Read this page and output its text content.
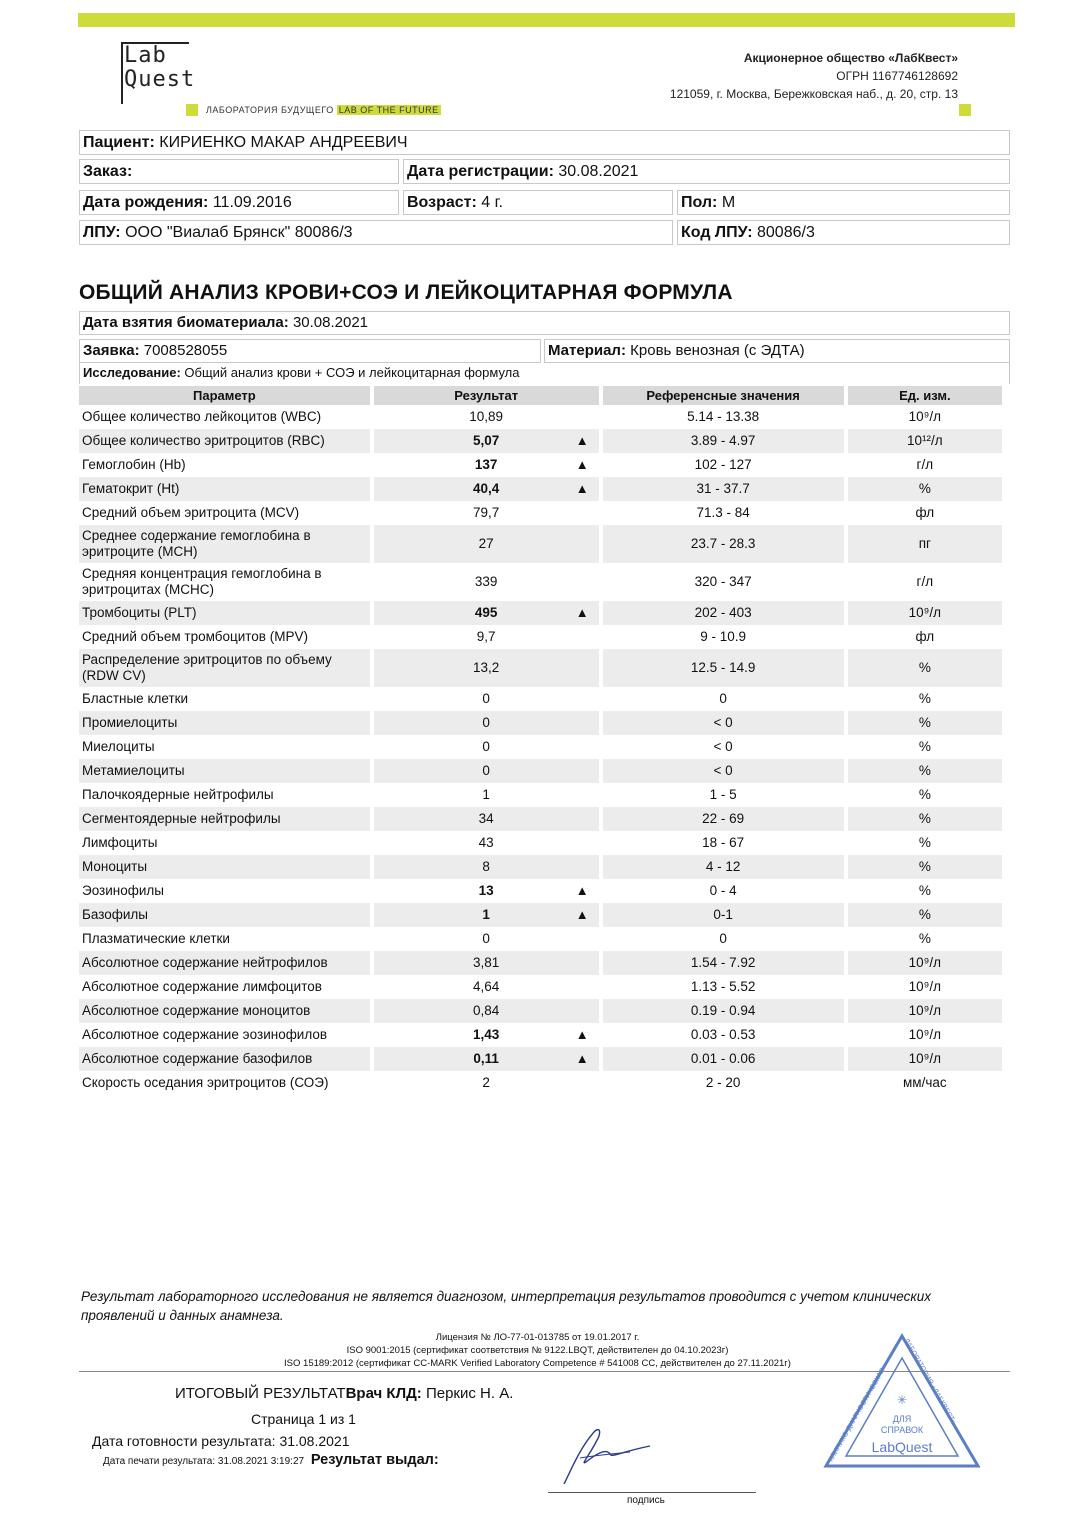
Lab
Quest
ЛАБОРАТОРИЯ БУДУЩЕГО LAB OF THE FUTURE
Акционерное общество «ЛабКвест»
ОГРН 1167746128692
121059, г. Москва, Бережковская наб., д. 20, стр. 13
Пациент: КИРИЕНКО МАКАР АНДРЕЕВИЧ
Заказ:	Дата регистрации: 30.08.2021
Дата рождения: 11.09.2016	Возраст: 4 г.	Пол: М
ЛПУ: ООО "Виалаб Брянск" 80086/3	Код ЛПУ: 80086/3
ОБЩИЙ АНАЛИЗ КРОВИ+СОЭ И ЛЕЙКОЦИТАРНАЯ ФОРМУЛА
Дата взятия биоматериала: 30.08.2021
Заявка: 7008528055	Материал: Кровь венозная (с ЭДТА)
Исследование: Общий анализ крови + СОЭ и лейкоцитарная формула
Параметр	Результат	Референсные значения	Ед. изм.
Общее количество лейкоцитов (WBC)	10,89	5.14 - 13.38	10⁹/л
Общее количество эритроцитов (RBC)	5,07 ▲	3.89 - 4.97	10¹²/л
Гемоглобин (Hb)	137 ▲	102 - 127	г/л
Гематокрит (Ht)	40,4 ▲	31 - 37.7	%
Средний объем эритроцита (MCV)	79,7	71.3 - 84	фл
Среднее содержание гемоглобина в эритроците (MCH)	27	23.7 - 28.3	пг
Средняя концентрация гемоглобина в эритроцитах (MCHC)	339	320 - 347	г/л
Тромбоциты (PLT)	495 ▲	202 - 403	10⁹/л
Средний объем тромбоцитов (MPV)	9,7	9 - 10.9	фл
Распределение эритроцитов по объему (RDW CV)	13,2	12.5 - 14.9	%
Бластные клетки	0	0	%
Промиелоциты	0	< 0	%
Миелоциты	0	< 0	%
Метамиелоциты	0	< 0	%
Палочкоядерные нейтрофилы	1	1 - 5	%
Сегментоядерные нейтрофилы	34	22 - 69	%
Лимфоциты	43	18 - 67	%
Моноциты	8	4 - 12	%
Эозинофилы	13 ▲	0 - 4	%
Базофилы	1 ▲	0-1	%
Плазматические клетки	0	0	%
Абсолютное содержание нейтрофилов	3,81	1.54 - 7.92	10⁹/л
Абсолютное содержание лимфоцитов	4,64	1.13 - 5.52	10⁹/л
Абсолютное содержание моноцитов	0,84	0.19 - 0.94	10⁹/л
Абсолютное содержание эозинофилов	1,43 ▲	0.03 - 0.53	10⁹/л
Абсолютное содержание базофилов	0,11 ▲	0.01 - 0.06	10⁹/л
Скорость оседания эритроцитов (СОЭ)	2	2 - 20	мм/час
Результат лабораторного исследования не является диагнозом, интерпретация результатов проводится с учетом клинических проявлений и данных анамнеза.
Лицензия № ЛО-77-01-013785 от 19.01.2017 г.
ISO 9001:2015 (сертификат соответствия № 9122.LBQT, действителен до 04.10.2023г)
ISO 15189:2012 (сертификат CC-MARK Verified Laboratory Competence # 541008 CC, действителен до 27.11.2021г)
ИТОГОВЫЙ РЕЗУЛЬТАТВрач КЛД: Перкис Н. А.
Страница 1 из 1
Дата готовности результата: 31.08.2021
Дата печати результата: 31.08.2021 3:19:27 Результат выдал:
подпись
КЛИНИКО-ДИАГНОСТИЧЕСКАЯ
ЛАБОРАТОРИЯ «ЛАБКВЕСТ»
✳
ДЛЯ
СПРАВОК
LabQuest
